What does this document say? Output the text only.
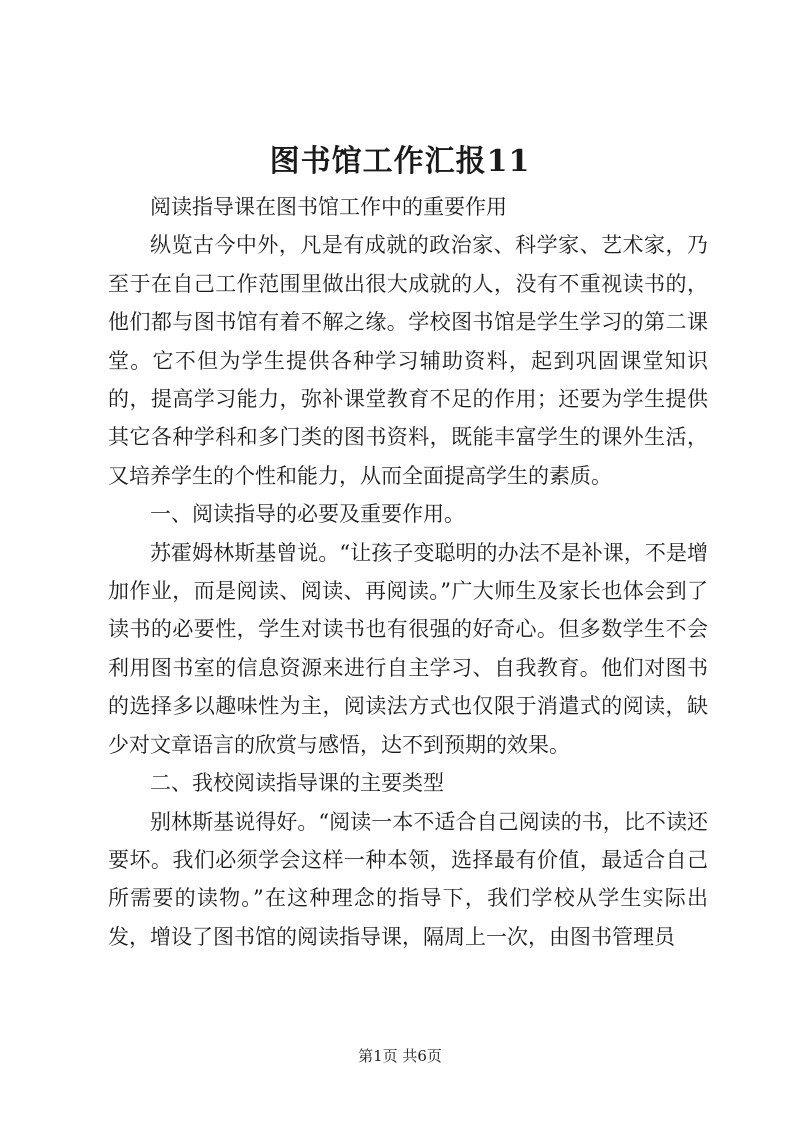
图书馆工作汇报11

阅读指导课在图书馆工作中的重要作用

纵览古今中外，凡是有成就的政治家、科学家、艺术家，乃至于在自己工作范围里做出很大成就的人，没有不重视读书的，他们都与图书馆有着不解之缘。学校图书馆是学生学习的第二课堂。它不但为学生提供各种学习辅助资料，起到巩固课堂知识的，提高学习能力，弥补课堂教育不足的作用；还要为学生提供其它各种学科和多门类的图书资料，既能丰富学生的课外生活，又培养学生的个性和能力，从而全面提高学生的素质。

一、阅读指导的必要及重要作用。

苏霍姆林斯基曾说。“让孩子变聪明的办法不是补课，不是增加作业，而是阅读、阅读、再阅读。”广大师生及家长也体会到了读书的必要性，学生对读书也有很强的好奇心。但多数学生不会利用图书室的信息资源来进行自主学习、自我教育。他们对图书的选择多以趣味性为主，阅读法方式也仅限于消遣式的阅读，缺少对文章语言的欣赏与感悟，达不到预期的效果。

二、我校阅读指导课的主要类型

别林斯基说得好。“阅读一本不适合自己阅读的书，比不读还要坏。我们必须学会这样一种本领，选择最有价值，最适合自己所需要的读物。”在这种理念的指导下，我们学校从学生实际出发，增设了图书馆的阅读指导课，隔周上一次，由图书管理员

第1页 共6页
